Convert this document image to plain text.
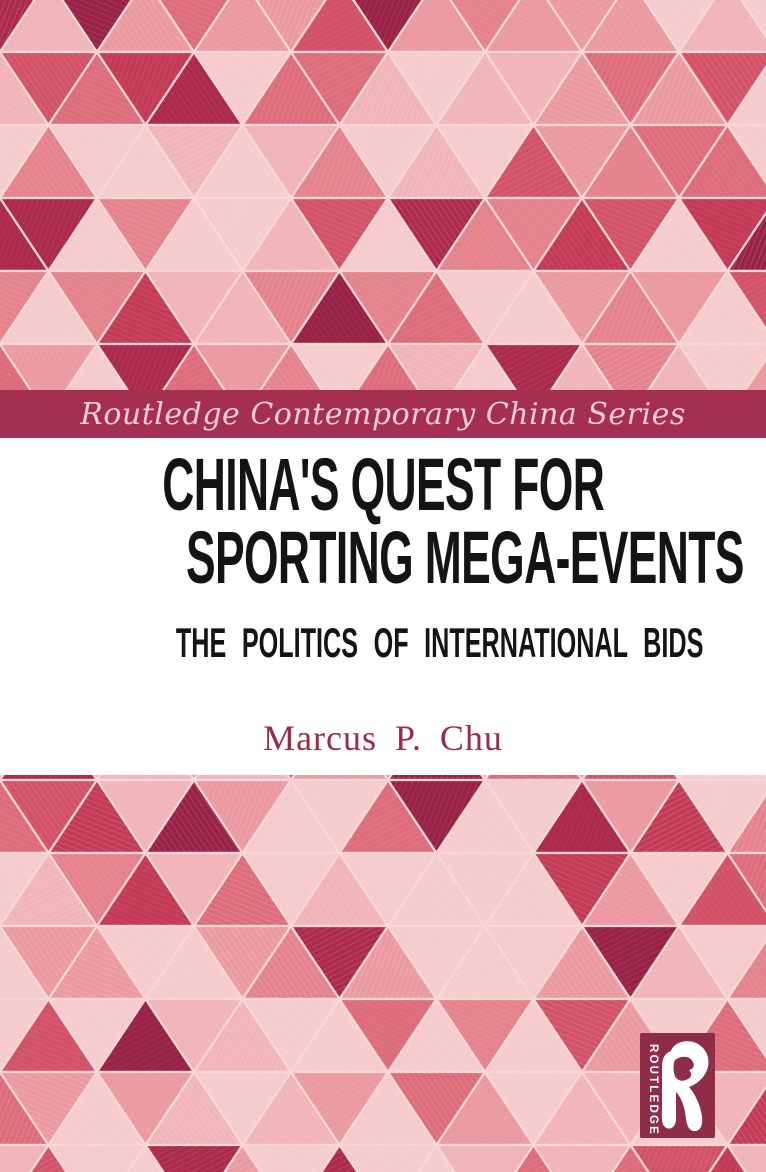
Routledge Contemporary China Series
CHINA'S QUEST FOR
SPORTING MEGA-EVENTS
THE POLITICS OF INTERNATIONAL BIDS
Marcus P. Chu
ROUTLEDGE
